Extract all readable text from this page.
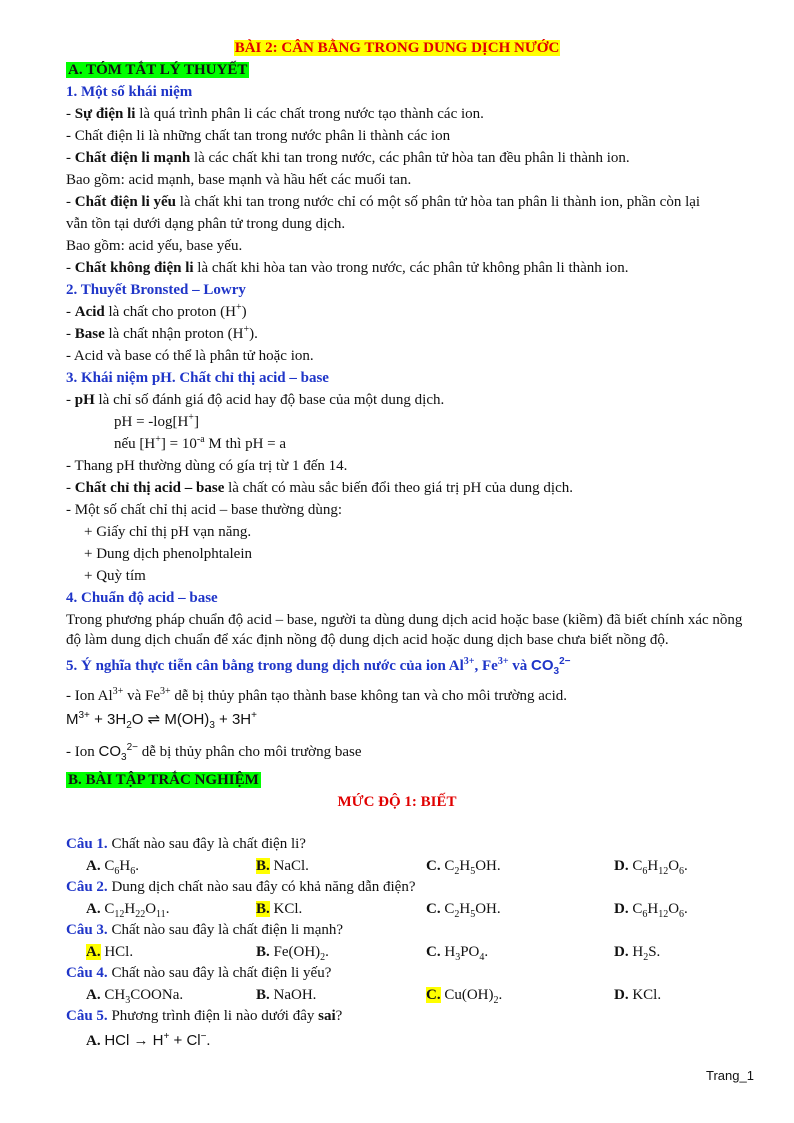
BÀI 2: CÂN BẰNG TRONG DUNG DỊCH NƯỚC
A. TÓM TẮT LÝ THUYẾT
1. Một số khái niệm
- Sự điện li là quá trình phân li các chất trong nước tạo thành các ion.
- Chất điện li là những chất tan trong nước phân li thành các ion
- Chất điện li mạnh là các chất khi tan trong nước, các phân tử hòa tan đều phân li thành ion.
Bao gồm: acid mạnh, base mạnh và hầu hết các muối tan.
- Chất điện li yếu là chất khi tan trong nước chỉ có một số phân tử hòa tan phân li thành ion, phần còn lại
vẫn tồn tại dưới dạng phân tử trong dung dịch.
Bao gồm: acid yếu, base yếu.
- Chất không điện li là chất khi hòa tan vào trong nước, các phân tử không phân li thành ion.
2. Thuyết Bronsted – Lowry
- Acid là chất cho proton (H+)
- Base là chất nhận proton (H+).
- Acid và base có thể là phân tử hoặc ion.
3. Khái niệm pH. Chất chỉ thị acid – base
- pH là chỉ số đánh giá độ acid hay độ base của một dung dịch.
pH = -log[H+]
nếu $[H^+] = 10^{-a}$ M thì pH = a
- Thang pH thường dùng có gía trị từ 1 đến 14.
- Chất chỉ thị acid – base là chất có màu sắc biến đổi theo giá trị pH của dung dịch.
- Một số chất chỉ thị acid – base thường dùng:
+ Giấy chỉ thị pH vạn năng.
+ Dung dịch phenolphtalein
+ Quỳ tím
4. Chuẩn độ acid – base
Trong phương pháp chuẩn độ acid – base, người ta dùng dung dịch acid hoặc base (kiềm) đã biết chính xác nồng độ làm dung dịch chuẩn để xác định nồng độ dung dịch acid hoặc dung dịch base chưa biết nồng độ.
5. Ý nghĩa thực tiễn cân bằng trong dung dịch nước của ion $Al^{3+}$, $Fe^{3+}$ và $CO_3^{2-}$
- Ion $Al^{3+}$ và $Fe^{3+}$ dễ bị thủy phân tạo thành base không tan và cho môi trường acid.
$M^{3+} + 3H_2O$ ⇌ $M(OH)_3 + 3H^+$
- Ion $CO_3^{2-}$ dễ bị thủy phân cho môi trường base
B. BÀI TẬP TRẮC NGHIỆM
MỨC ĐỘ 1: BIẾT
Câu 1. Chất nào sau đây là chất điện li?
A. $C_6H_6$.	B. NaCl.	C. $C_2H_5OH$.	D. $C_6H_{12}O_6$.
Câu 2. Dung dịch chất nào sau đây có khả năng dẫn điện?
A. $C_{12}H_{22}O_{11}$.	B. KCl.	C. $C_2H_5OH$.	D. $C_6H_{12}O_6$.
Câu 3. Chất nào sau đây là chất điện li mạnh?
A. HCl.	B. $Fe(OH)_2$.	C. $H_3PO_4$.	D. $H_2S$.
Câu 4. Chất nào sau đây là chất điện li yếu?
A. $CH_3COONa$.	B. NaOH.	C. $Cu(OH)_2$.	D. KCl.
Câu 5. Phương trình điện li nào dưới đây sai?
A. HCl → H+ + Cl−.
Trang_1
